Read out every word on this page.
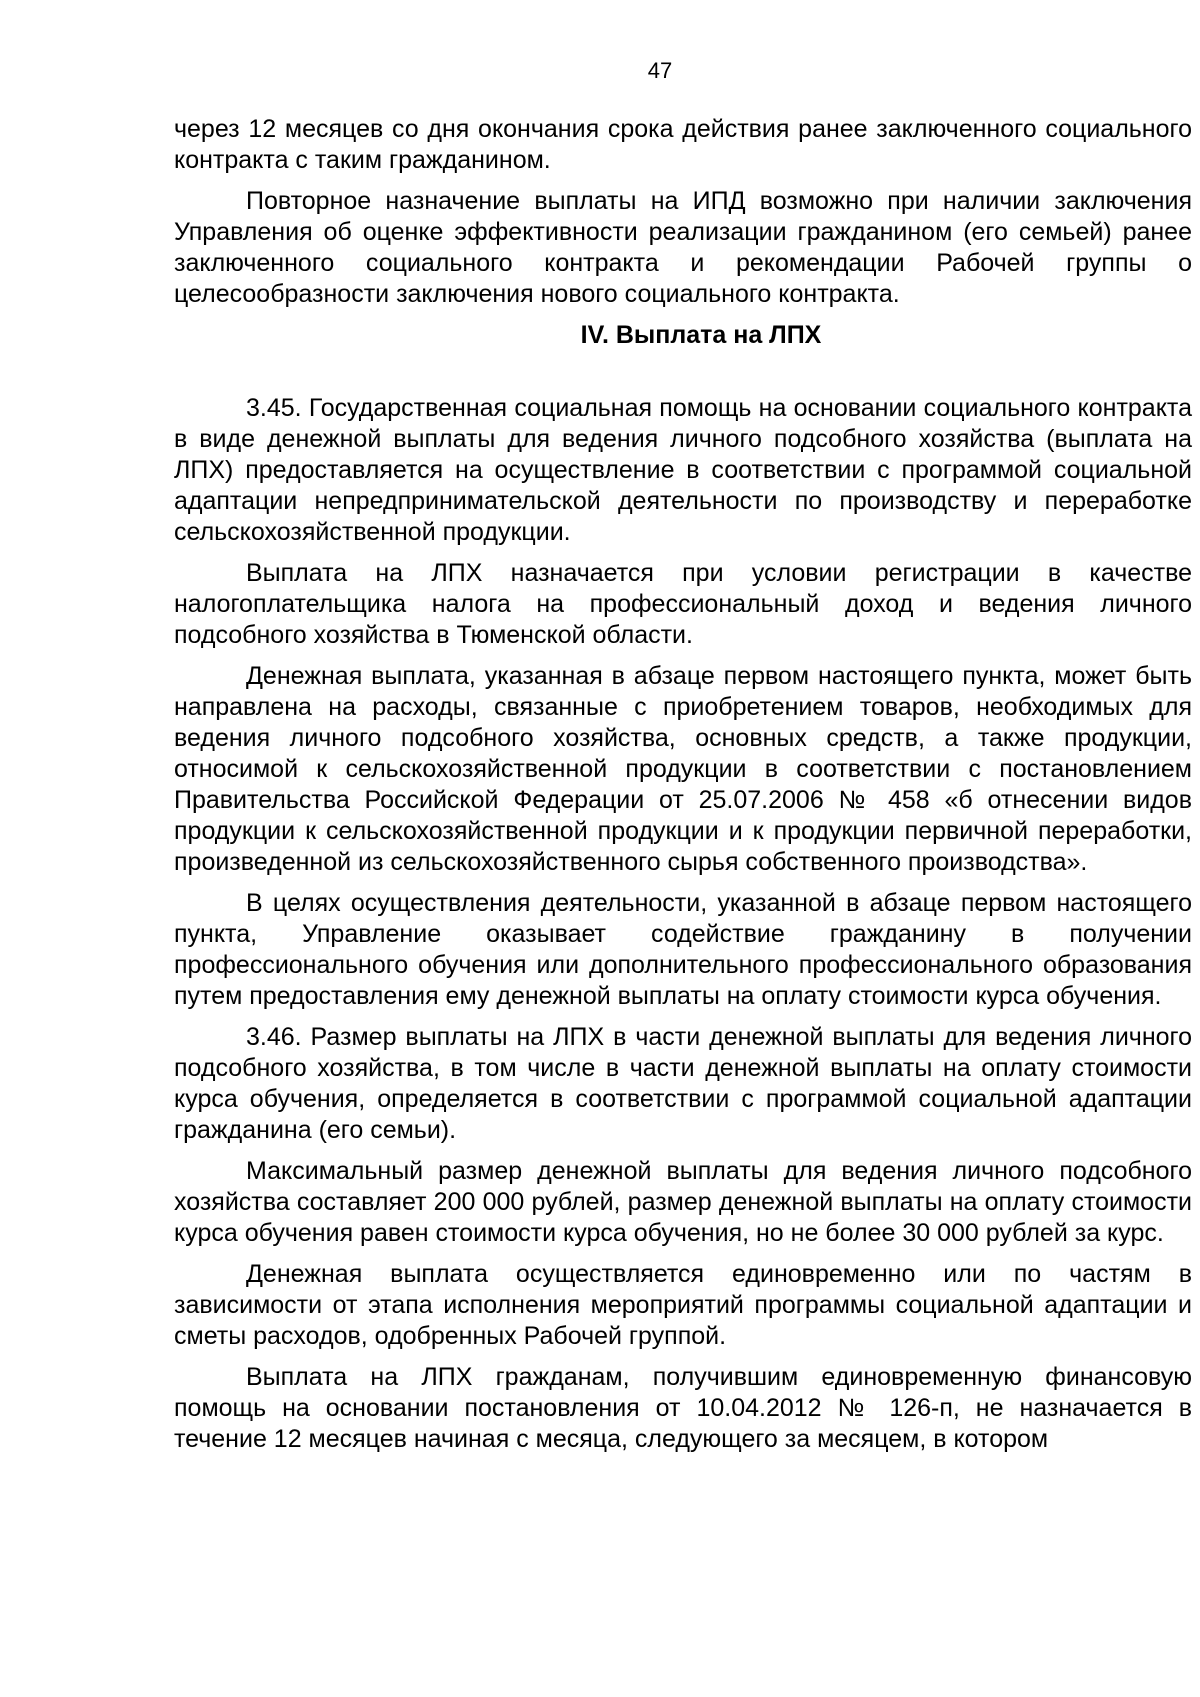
47

через 12 месяцев со дня окончания срока действия ранее заключенного социального контракта с таким гражданином.

Повторное назначение выплаты на ИПД возможно при наличии заключения Управления об оценке эффективности реализации гражданином (его семьей) ранее заключенного социального контракта и рекомендации Рабочей группы о целесообразности заключения нового социального контракта.

IV. Выплата на ЛПХ

3.45. Государственная социальная помощь на основании социального контракта в виде денежной выплаты для ведения личного подсобного хозяйства (выплата на ЛПХ) предоставляется на осуществление в соответствии с программой социальной адаптации непредпринимательской деятельности по производству и переработке сельскохозяйственной продукции.

Выплата на ЛПХ назначается при условии регистрации в качестве налогоплательщика налога на профессиональный доход и ведения личного подсобного хозяйства в Тюменской области.

Денежная выплата, указанная в абзаце первом настоящего пункта, может быть направлена на расходы, связанные с приобретением товаров, необходимых для ведения личного подсобного хозяйства, основных средств, а также продукции, относимой к сельскохозяйственной продукции в соответствии с постановлением Правительства Российской Федерации от 25.07.2006 № 458 «б отнесении видов продукции к сельскохозяйственной продукции и к продукции первичной переработки, произведенной из сельскохозяйственного сырья собственного производства».

В целях осуществления деятельности, указанной в абзаце первом настоящего пункта, Управление оказывает содействие гражданину в получении профессионального обучения или дополнительного профессионального образования путем предоставления ему денежной выплаты на оплату стоимости курса обучения.

3.46. Размер выплаты на ЛПХ в части денежной выплаты для ведения личного подсобного хозяйства, в том числе в части денежной выплаты на оплату стоимости курса обучения, определяется в соответствии с программой социальной адаптации гражданина (его семьи).

Максимальный размер денежной выплаты для ведения личного подсобного хозяйства составляет 200 000 рублей, размер денежной выплаты на оплату стоимости курса обучения равен стоимости курса обучения, но не более 30 000 рублей за курс.

Денежная выплата осуществляется единовременно или по частям в зависимости от этапа исполнения мероприятий программы социальной адаптации и сметы расходов, одобренных Рабочей группой.

Выплата на ЛПХ гражданам, получившим единовременную финансовую помощь на основании постановления от 10.04.2012 № 126-п, не назначается в течение 12 месяцев начиная с месяца, следующего за месяцем, в котором
